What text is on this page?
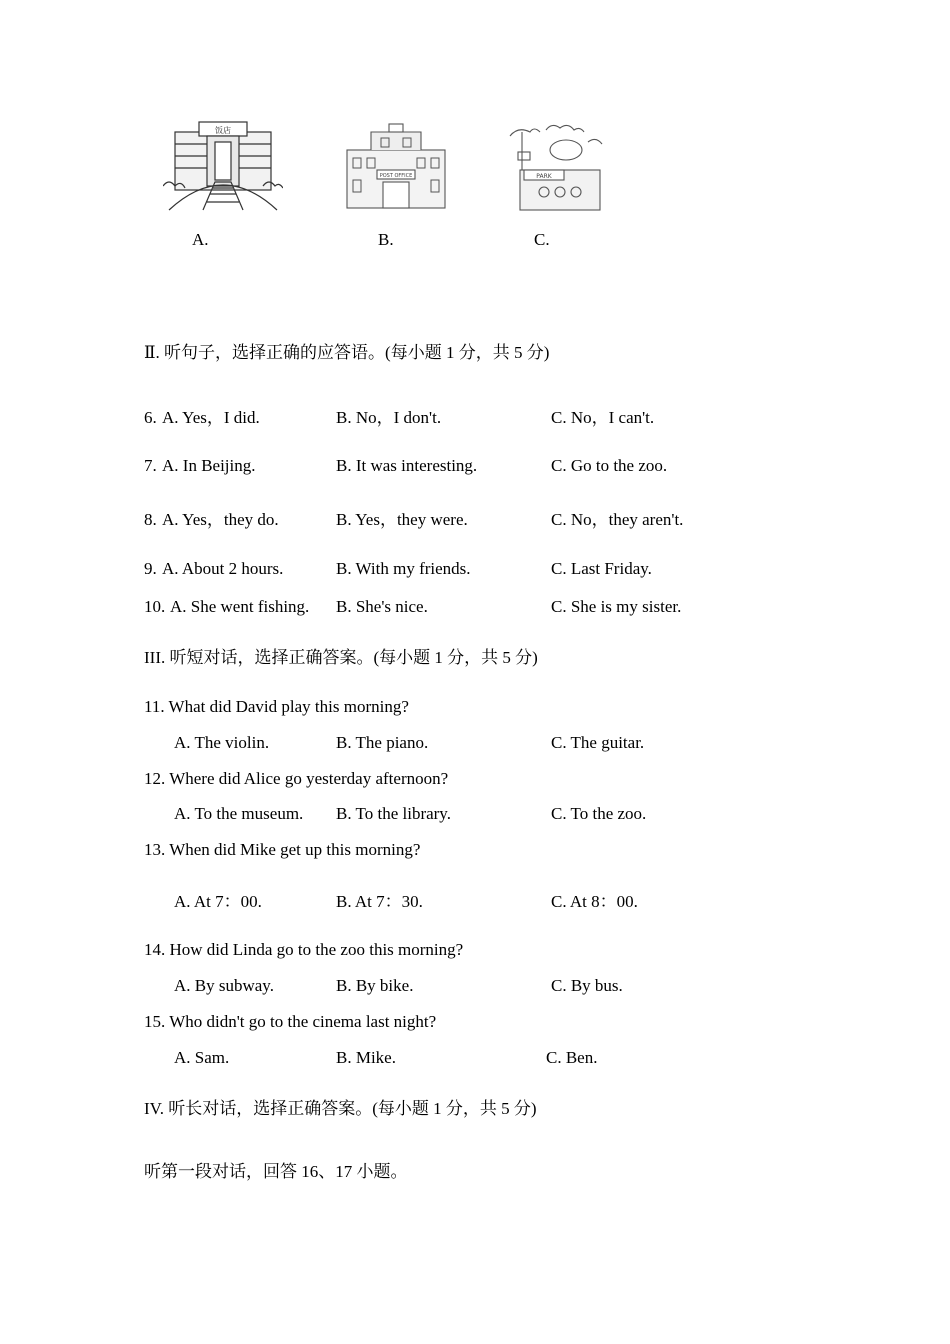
饭店
POST OFFICE	PARK
A.	B.	C.
Ⅱ. 听句子，选择正确的应答语。(每小题 1 分，共 5 分)
6. A. Yes，I did.	B. No，I don't.	C. No，I can't.
7. A. In Beijing.	B. It was interesting.	C. Go to the zoo.
8. A. Yes，they do.	B. Yes，they were.	C. No，they aren't.
9. A. About 2 hours.	B. With my friends.	C. Last Friday.
10. A. She went fishing. B. She's nice.	C. She is my sister.
III. 听短对话，选择正确答案。(每小题 1 分，共 5 分)
11. What did David play this morning?
A. The violin.	B. The piano.	C. The guitar.
12. Where did Alice go yesterday afternoon?
A. To the museum. B. To the library.	C. To the zoo.
13. When did Mike get up this morning?
A. At 7：00.	B. At 7：30.	C. At 8：00.
14. How did Linda go to the zoo this morning?
A. By subway.	B. By bike.	C. By bus.
15. Who didn't go to the cinema last night?
A. Sam.	B. Mike.	C. Ben.
IV. 听长对话，选择正确答案。(每小题 1 分，共 5 分)
听第一段对话，回答 16、17 小题。
